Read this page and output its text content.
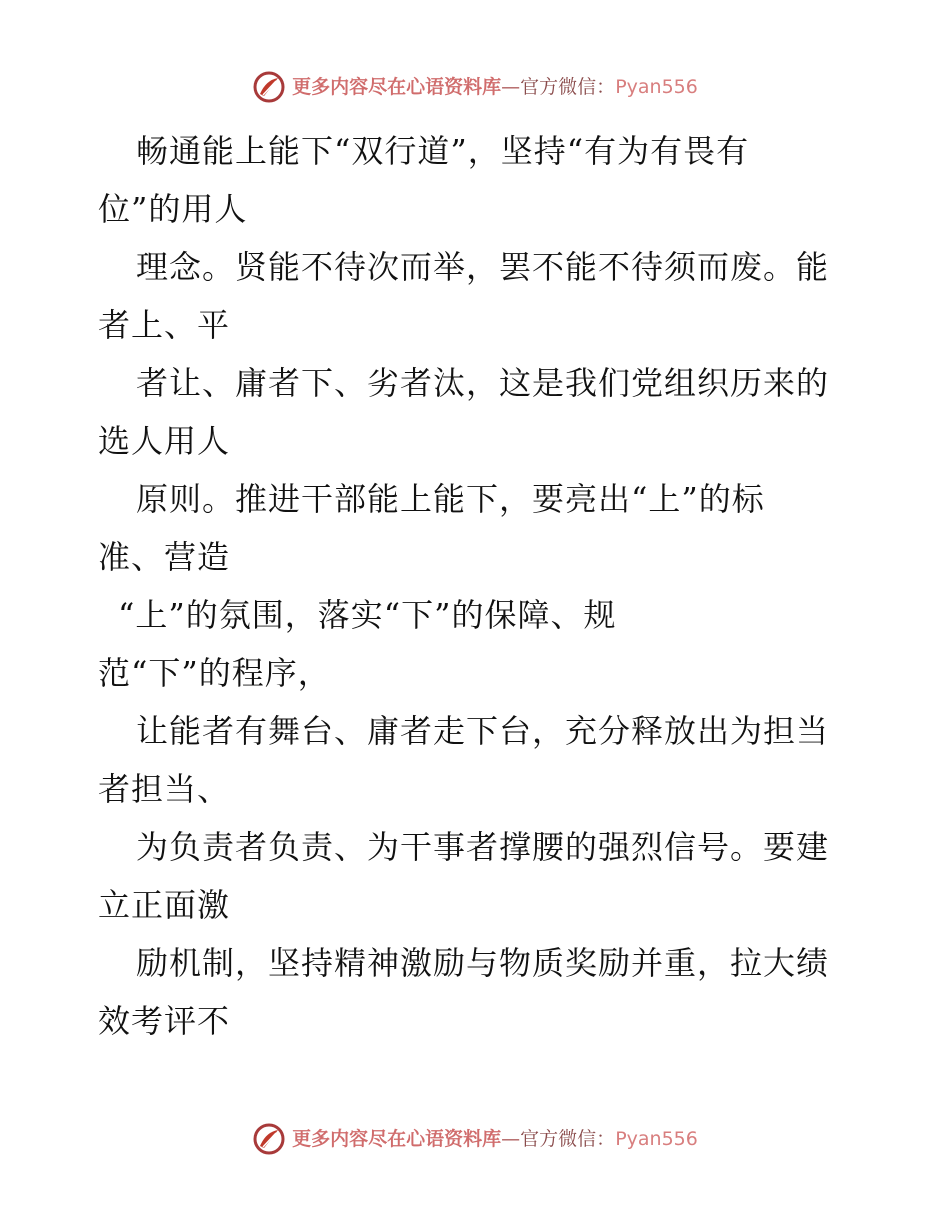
更多内容尽在心语资料库—官方微信：Pyan556
畅通能上能下“双行道”，坚持“有为有畏有
位”的用人
理念。贤能不待次而举，罢不能不待须而废。能
者上、平
者让、庸者下、劣者汰，这是我们党组织历来的
选人用人
原则。推进干部能上能下，要亮出“上”的标
准、营造
“上”的氛围，落实“下”的保障、规
范“下”的程序，
让能者有舞台、庸者走下台，充分释放出为担当
者担当、
为负责者负责、为干事者撑腰的强烈信号。要建
立正面激
励机制，坚持精神激励与物质奖励并重，拉大绩
效考评不
更多内容尽在心语资料库—官方微信：Pyan556
